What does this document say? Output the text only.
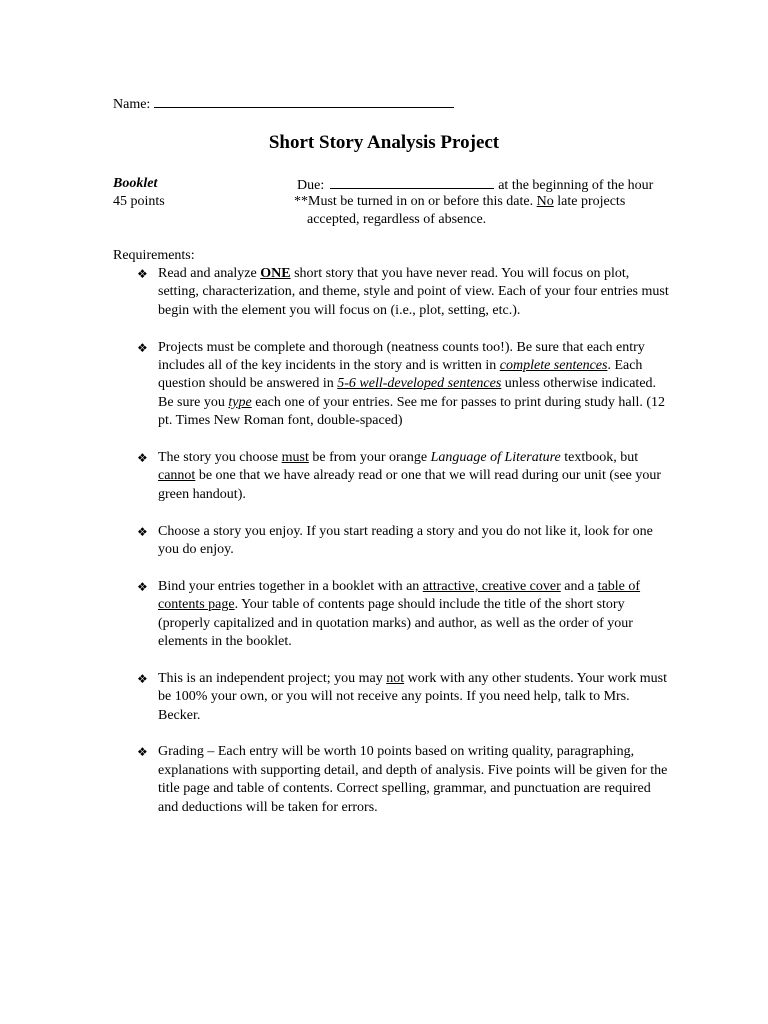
Name:
Short Story Analysis Project
Booklet
45 points
Due:	at the beginning of the hour
**Must be turned in on or before this date. No late projects
accepted, regardless of absence.
Requirements:
❖ Read and analyze ONE short story that you have never read. You will focus on plot, setting, characterization, and theme, style and point of view. Each of your four entries must begin with the element you will focus on (i.e., plot, setting, etc.).
❖ Projects must be complete and thorough (neatness counts too!). Be sure that each entry includes all of the key incidents in the story and is written in complete sentences. Each question should be answered in 5-6 well-developed sentences unless otherwise indicated. Be sure you type each one of your entries. See me for passes to print during study hall. (12 pt. Times New Roman font, double-spaced)
❖ The story you choose must be from your orange Language of Literature textbook, but cannot be one that we have already read or one that we will read during our unit (see your green handout).
❖ Choose a story you enjoy. If you start reading a story and you do not like it, look for one you do enjoy.
❖ Bind your entries together in a booklet with an attractive, creative cover and a table of contents page. Your table of contents page should include the title of the short story (properly capitalized and in quotation marks) and author, as well as the order of your elements in the booklet.
❖ This is an independent project; you may not work with any other students. Your work must be 100% your own, or you will not receive any points. If you need help, talk to Mrs. Becker.
❖ Grading – Each entry will be worth 10 points based on writing quality, paragraphing, explanations with supporting detail, and depth of analysis. Five points will be given for the title page and table of contents. Correct spelling, grammar, and punctuation are required and deductions will be taken for errors.
